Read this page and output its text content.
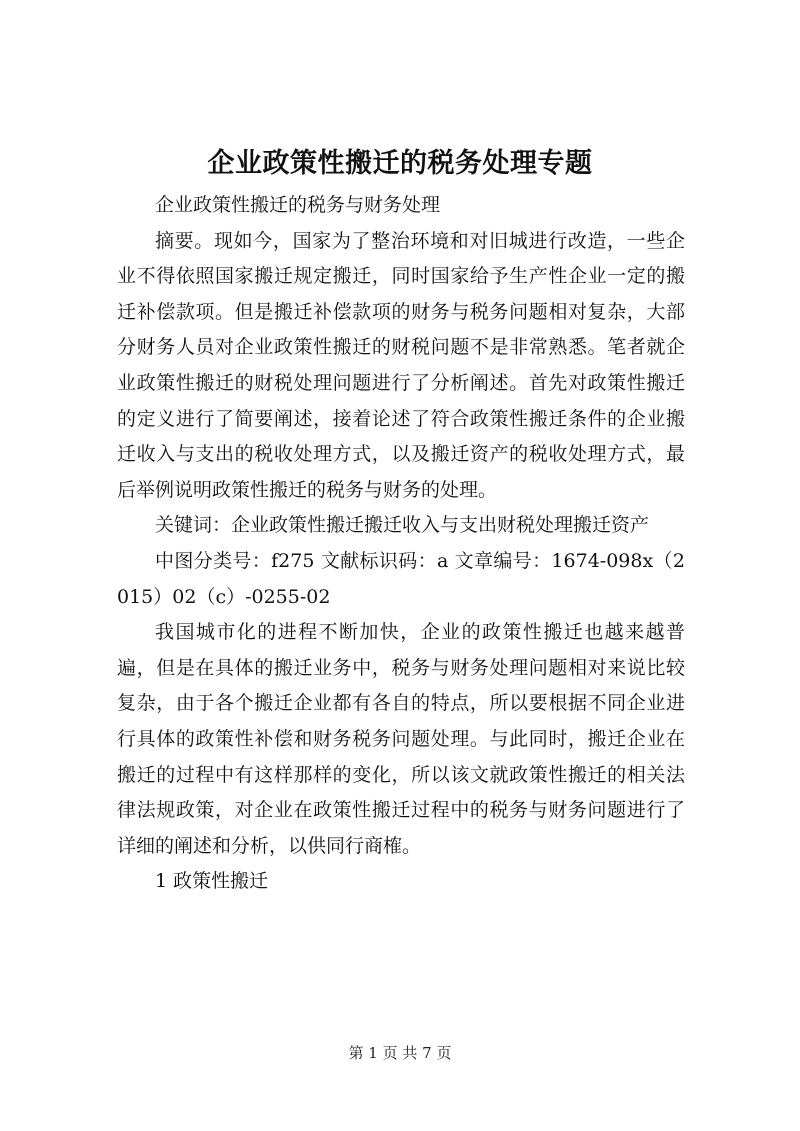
企业政策性搬迁的税务处理专题

企业政策性搬迁的税务与财务处理

摘要。现如今，国家为了整治环境和对旧城进行改造，一些企业不得依照国家搬迁规定搬迁，同时国家给予生产性企业一定的搬迁补偿款项。但是搬迁补偿款项的财务与税务问题相对复杂，大部分财务人员对企业政策性搬迁的财税问题不是非常熟悉。笔者就企业政策性搬迁的财税处理问题进行了分析阐述。首先对政策性搬迁的定义进行了简要阐述，接着论述了符合政策性搬迁条件的企业搬迁收入与支出的税收处理方式，以及搬迁资产的税收处理方式，最后举例说明政策性搬迁的税务与财务的处理。

关键词：企业政策性搬迁搬迁收入与支出财税处理搬迁资产

中图分类号：f275 文献标识码：a 文章编号：1674-098x（2015）02（c）-0255-02

我国城市化的进程不断加快，企业的政策性搬迁也越来越普遍，但是在具体的搬迁业务中，税务与财务处理问题相对来说比较复杂，由于各个搬迁企业都有各自的特点，所以要根据不同企业进行具体的政策性补偿和财务税务问题处理。与此同时，搬迁企业在搬迁的过程中有这样那样的变化，所以该文就政策性搬迁的相关法律法规政策，对企业在政策性搬迁过程中的税务与财务问题进行了详细的阐述和分析，以供同行商榷。

1 政策性搬迁

第 1 页 共 7 页
